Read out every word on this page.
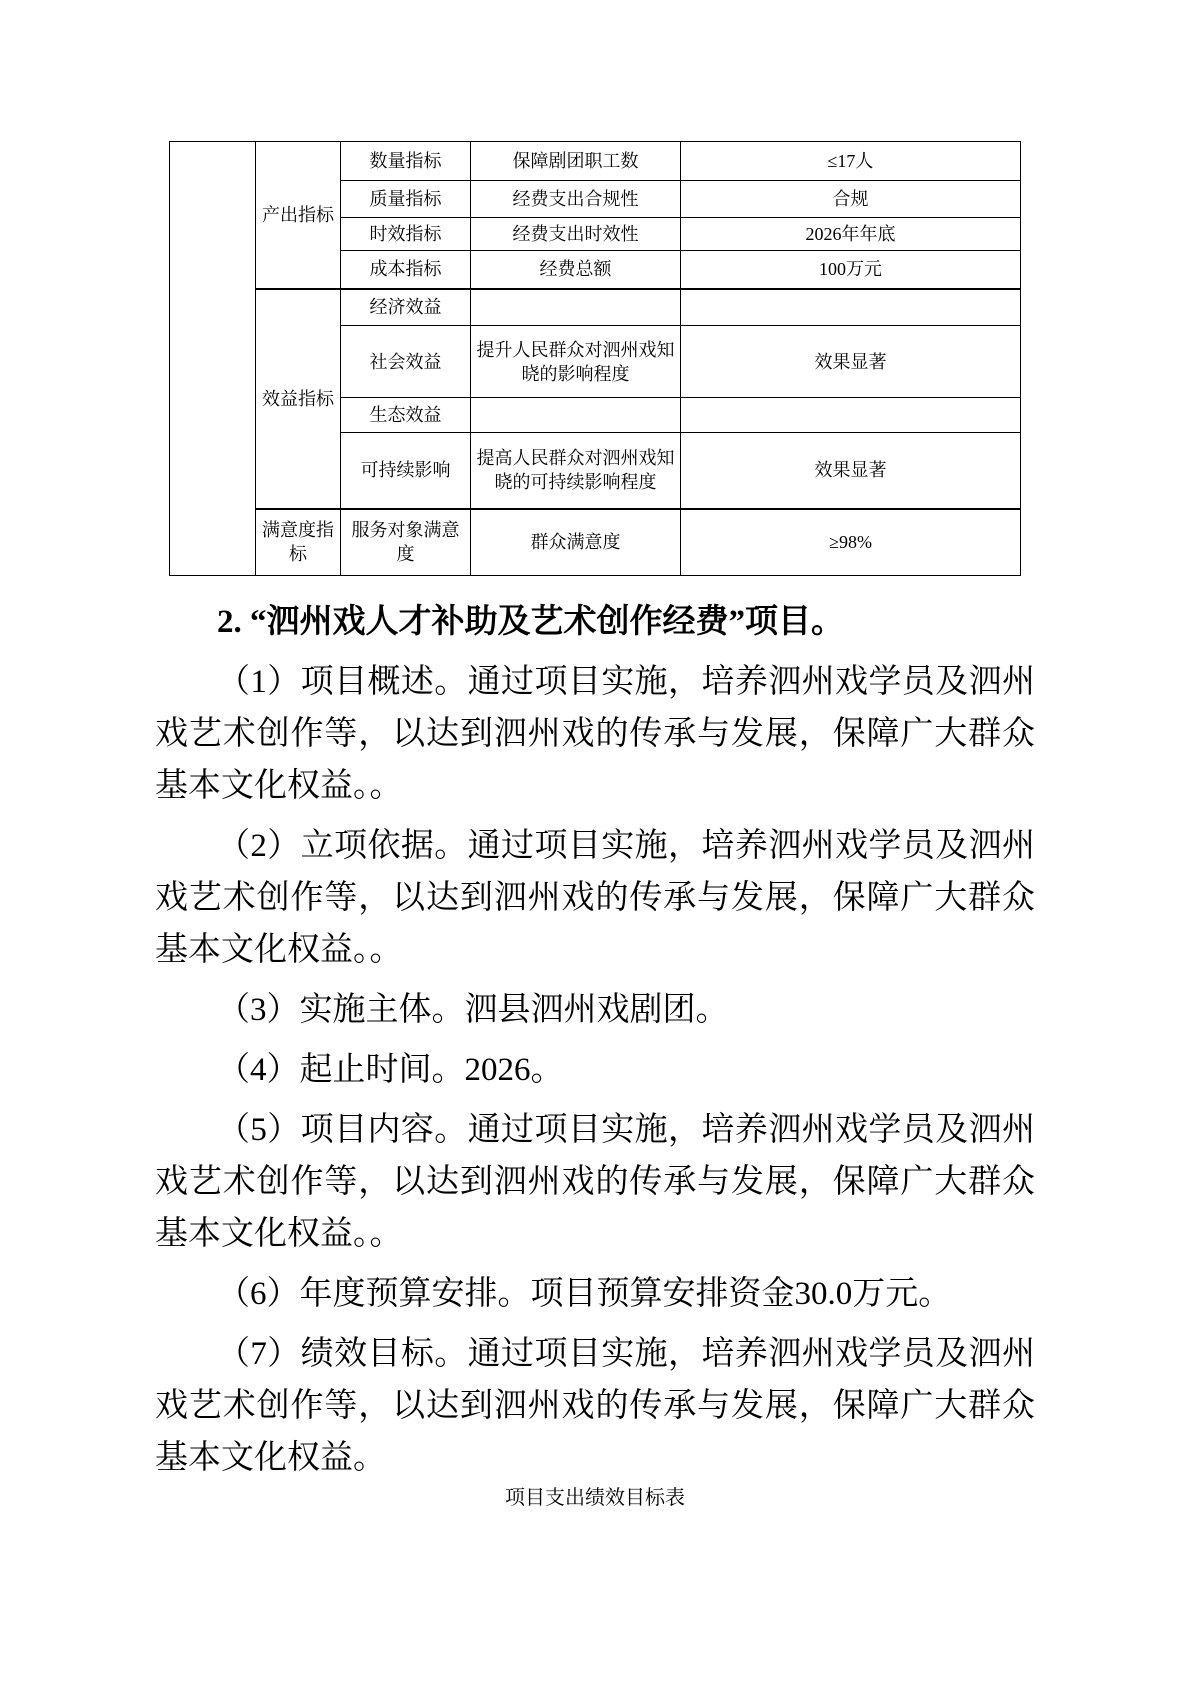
	产出指标	数量指标	保障剧团职工数	≤17人
		质量指标	经费支出合规性	合规
		时效指标	经费支出时效性	2026年年底
		成本指标	经费总额	100万元
	效益指标	经济效益		
		社会效益	提升人民群众对泗州戏知晓的影响程度	效果显著
		生态效益		
		可持续影响	提高人民群众对泗州戏知晓的可持续影响程度	效果显著
	满意度指标	服务对象满意度	群众满意度	≥98%
2. “泗州戏人才补助及艺术创作经费”项目。

（1）项目概述。通过项目实施，培养泗州戏学员及泗州戏艺术创作等，以达到泗州戏的传承与发展，保障广大群众基本文化权益。。

（2）立项依据。通过项目实施，培养泗州戏学员及泗州戏艺术创作等，以达到泗州戏的传承与发展，保障广大群众基本文化权益。。

（3）实施主体。泗县泗州戏剧团。

（4）起止时间。2026。

（5）项目内容。通过项目实施，培养泗州戏学员及泗州戏艺术创作等，以达到泗州戏的传承与发展，保障广大群众基本文化权益。。

（6）年度预算安排。项目预算安排资金30.0万元。

（7）绩效目标。通过项目实施，培养泗州戏学员及泗州戏艺术创作等，以达到泗州戏的传承与发展，保障广大群众基本文化权益。

项目支出绩效目标表
